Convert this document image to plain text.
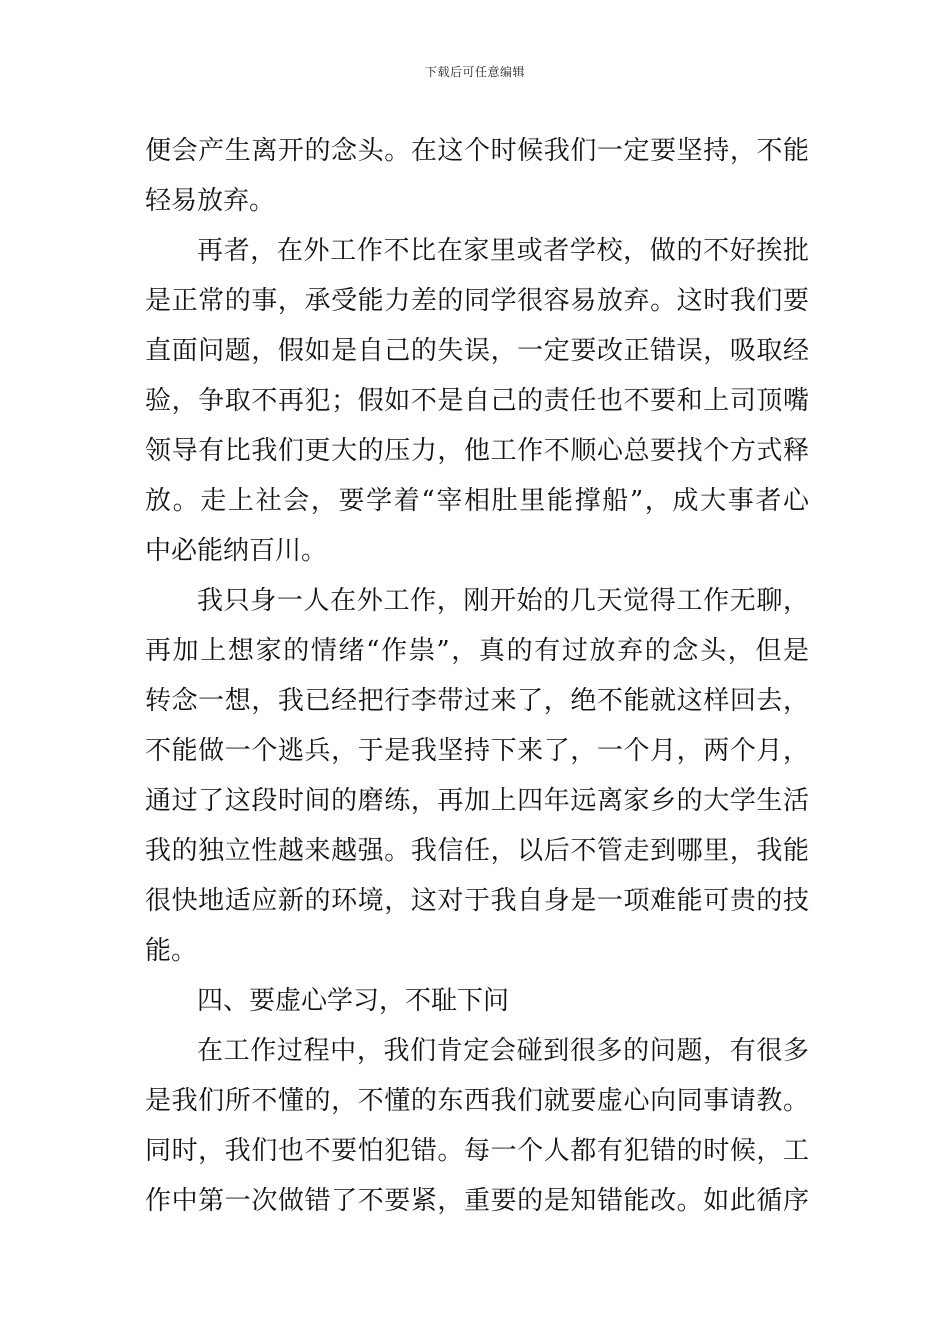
下载后可任意编辑
便会产生离开的念头。在这个时候我们一定要坚持，不能
轻易放弃。
再者，在外工作不比在家里或者学校，做的不好挨批
是正常的事，承受能力差的同学很容易放弃。这时我们要
直面问题，假如是自己的失误，一定要改正错误，吸取经
验，争取不再犯；假如不是自己的责任也不要和上司顶嘴
领导有比我们更大的压力，他工作不顺心总要找个方式释
放。走上社会，要学着“宰相肚里能撑船”，成大事者心
中必能纳百川。
我只身一人在外工作，刚开始的几天觉得工作无聊，
再加上想家的情绪“作祟”，真的有过放弃的念头，但是
转念一想，我已经把行李带过来了，绝不能就这样回去，
不能做一个逃兵，于是我坚持下来了，一个月，两个月，
通过了这段时间的磨练，再加上四年远离家乡的大学生活
我的独立性越来越强。我信任，以后不管走到哪里，我能
很快地适应新的环境，这对于我自身是一项难能可贵的技
能。
四、要虚心学习，不耻下问
在工作过程中，我们肯定会碰到很多的问题，有很多
是我们所不懂的，不懂的东西我们就要虚心向同事请教。
同时，我们也不要怕犯错。每一个人都有犯错的时候，工
作中第一次做错了不要紧，重要的是知错能改。如此循序
